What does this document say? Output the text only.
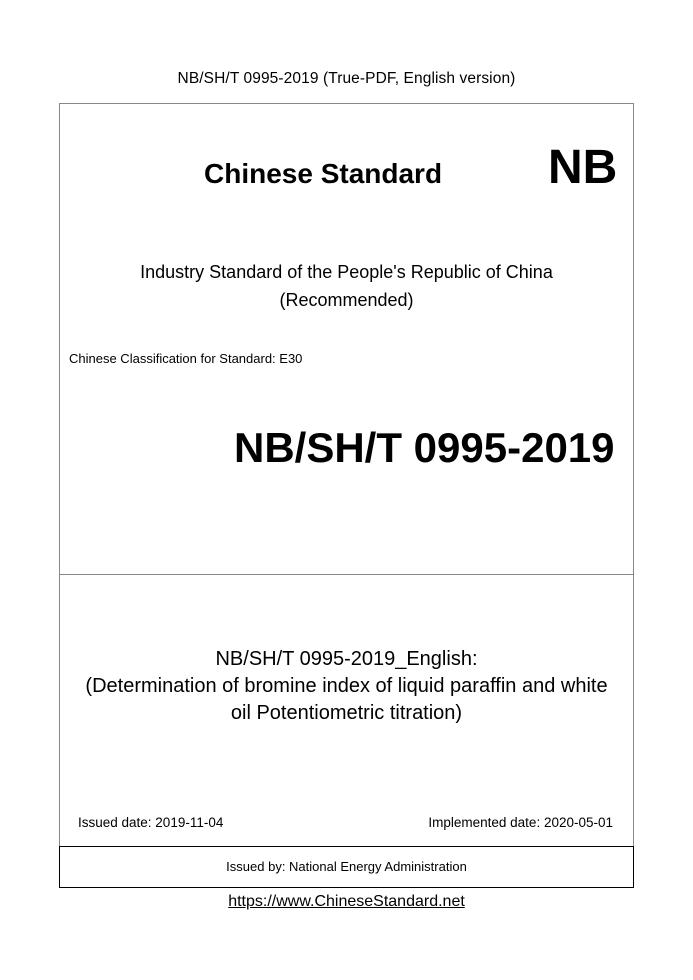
NB/SH/T 0995-2019 (True-PDF, English version)
Chinese Standard NB
Industry Standard of the People's Republic of China
(Recommended)
Chinese Classification for Standard: E30
NB/SH/T 0995-2019
NB/SH/T 0995-2019_English:
(Determination of bromine index of liquid paraffin and white
oil Potentiometric titration)
Issued date: 2019-11-04	Implemented date: 2020-05-01
Issued by: National Energy Administration
https://www.ChineseStandard.net
